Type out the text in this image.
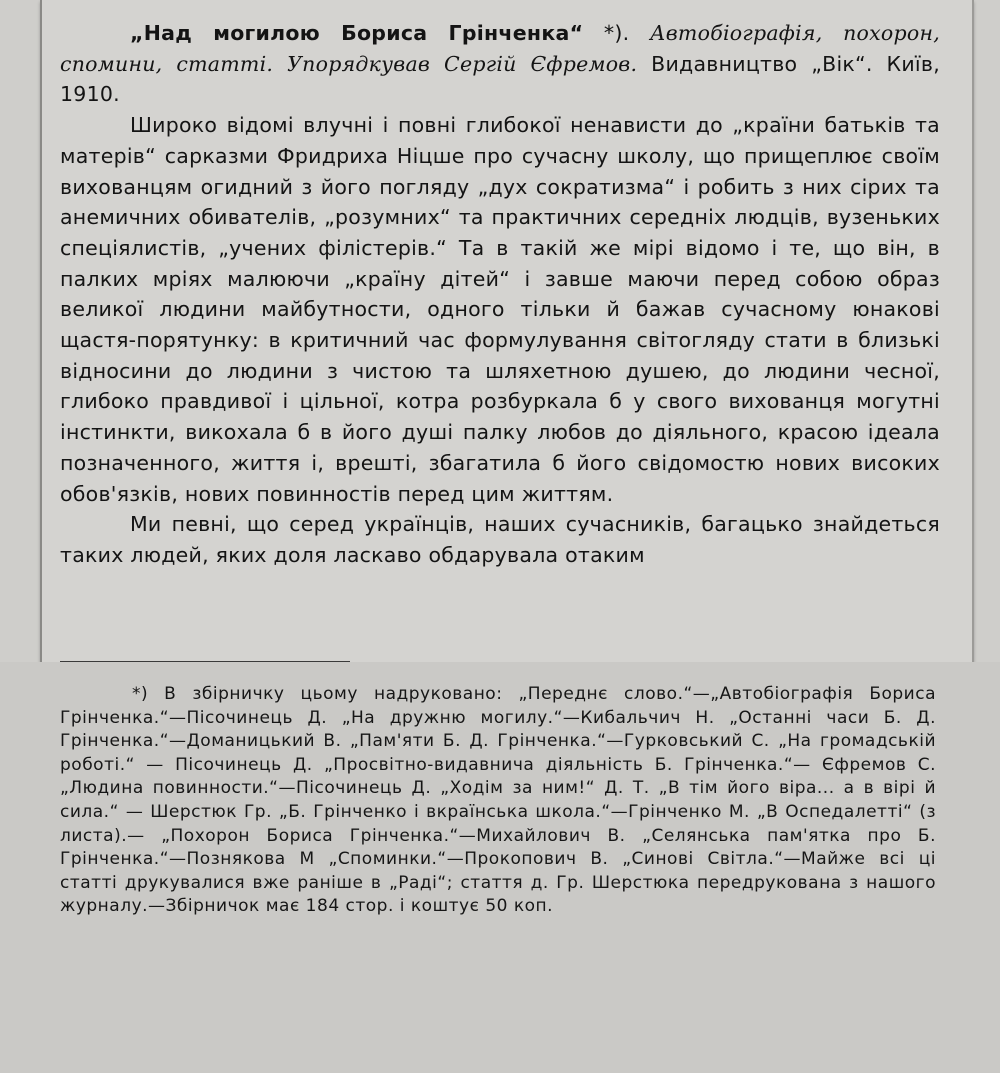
„Над могилою Бориса Грінченка“ *). Автобіографія, похорон, спомини, статті. Упорядкував Сергій Єфремов. Видавництво „Вік“. Київ, 1910.

Широко відомі влучні і повні глибокої ненависти до „країни батьків та матерів“ сарказми Фридриха Ніцше про сучасну школу, що прищеплює своїм вихованцям огидний з його погляду „дух сократизма“ і робить з них сірих та анемичних обивателів, „розумних“ та практичних середніх людців, вузеньких спеціялистів, „учених філістерів.“ Та в такій же мірі відомо і те, що він, в палких мріях малюючи „країну дітей“ і завше маючи перед собою образ великої людини майбутности, одного тільки й бажав сучасному юнакові щастя-порятунку: в критичний час формулування світогляду стати в близькі відносини до людини з чистою та шляхетною душею, до людини чесної, глибоко правдивої і цільної, котра розбуркала б у свого вихованця могутні інстинкти, викохала б в його душі палку любов до діяльного, красою ідеала позначенного, життя і, врешті, збагатила б його свідомостю нових високих обов'язків, нових повинностів перед цим життям.

Ми певні, що серед українців, наших сучасників, багацько знайдеться таких людей, яких доля ласкаво обдарувала отаким

*) В збірничку цьому надруковано: „Переднє слово.“—„Автобіографія Бориса Грінченка.“—Пісочинець Д. „На дружню могилу.“—Кибальчич Н. „Останні часи Б. Д. Грінченка.“—Доманицький В. „Пам'яти Б. Д. Грінченка.“—Гурковський С. „На громадській роботі.“ — Пісочинець Д. „Просвітно-видавнича діяльність Б. Грінченка.“— Єфремов С. „Людина повинности.“—Пісочинець Д. „Ходім за ним!“ Д. Т. „В тім його віра... а в вірі й сила.“ — Шерстюк Гр. „Б. Грінченко і вкраїнська школа.“—Грінченко М. „В Оспедалетті“ (з листа).— „Похорон Бориса Грінченка.“—Михайлович В. „Селянська пам'ятка про Б. Грінченка.“—Познякова М „Споминки.“—Прокопович В. „Синові Світла.“—Майже всі ці статті друкувалися вже раніше в „Раді“; стаття д. Гр. Шерстюка передрукована з нашого журналу.—Збірничок має 184 стор. і коштує 50 коп.
